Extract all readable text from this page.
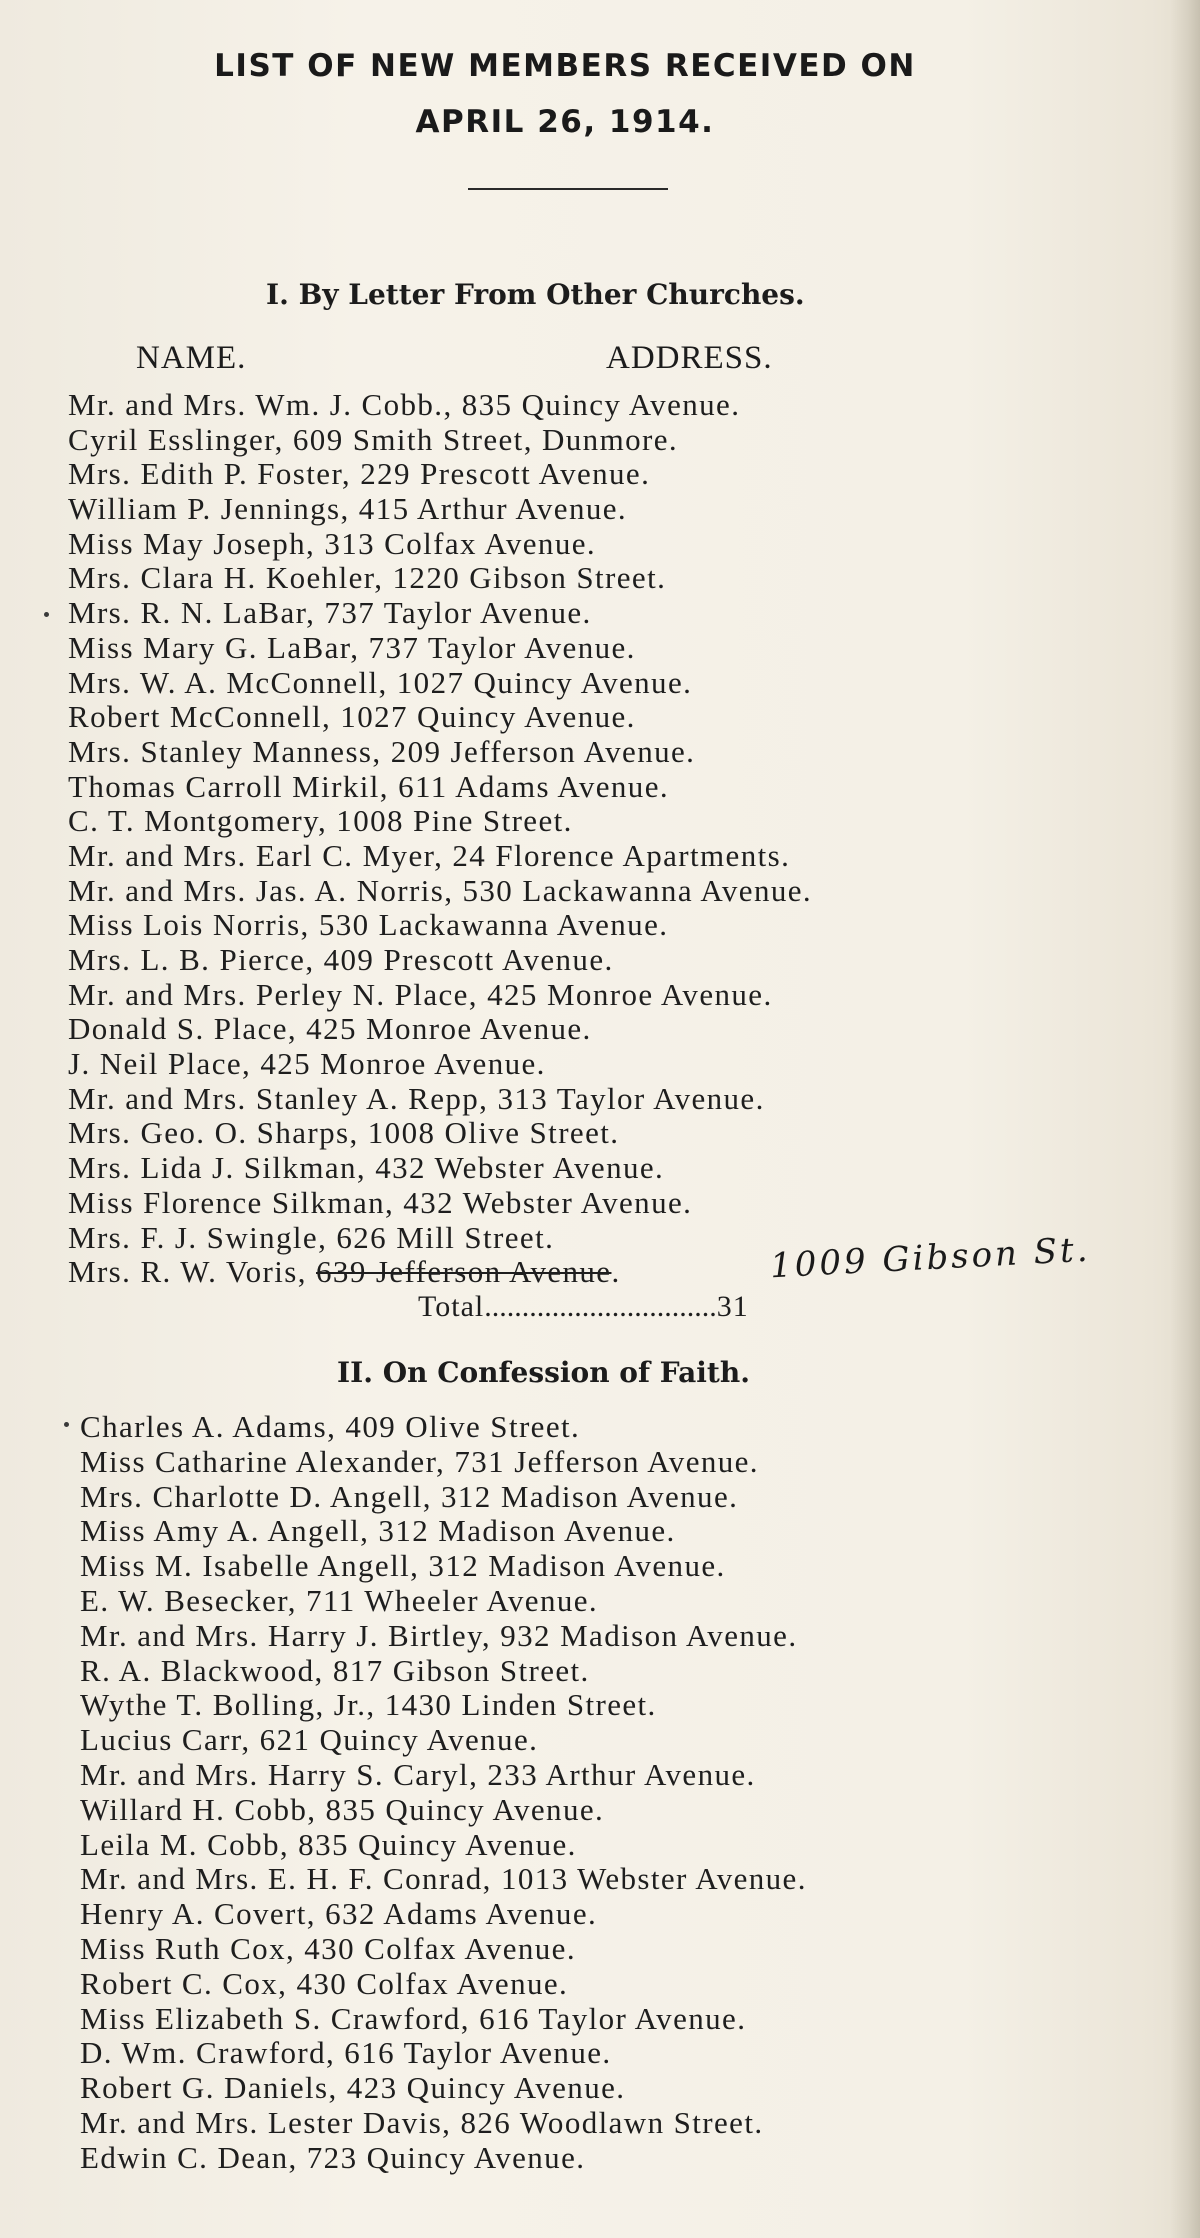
LIST OF NEW MEMBERS RECEIVED ON
APRIL 26, 1914.
I. By Letter From Other Churches.
NAME.	ADDRESS.
Mr. and Mrs. Wm. J. Cobb., 835 Quincy Avenue.
Cyril Esslinger, 609 Smith Street, Dunmore.
Mrs. Edith P. Foster, 229 Prescott Avenue.
William P. Jennings, 415 Arthur Avenue.
Miss May Joseph, 313 Colfax Avenue.
Mrs. Clara H. Koehler, 1220 Gibson Street.
Mrs. R. N. LaBar, 737 Taylor Avenue.
Miss Mary G. LaBar, 737 Taylor Avenue.
Mrs. W. A. McConnell, 1027 Quincy Avenue.
Robert McConnell, 1027 Quincy Avenue.
Mrs. Stanley Manness, 209 Jefferson Avenue.
Thomas Carroll Mirkil, 611 Adams Avenue.
C. T. Montgomery, 1008 Pine Street.
Mr. and Mrs. Earl C. Myer, 24 Florence Apartments.
Mr. and Mrs. Jas. A. Norris, 530 Lackawanna Avenue.
Miss Lois Norris, 530 Lackawanna Avenue.
Mrs. L. B. Pierce, 409 Prescott Avenue.
Mr. and Mrs. Perley N. Place, 425 Monroe Avenue.
Donald S. Place, 425 Monroe Avenue.
J. Neil Place, 425 Monroe Avenue.
Mr. and Mrs. Stanley A. Repp, 313 Taylor Avenue.
Mrs. Geo. O. Sharps, 1008 Olive Street.
Mrs. Lida J. Silkman, 432 Webster Avenue.
Miss Florence Silkman, 432 Webster Avenue.
Mrs. F. J. Swingle, 626 Mill Street.
Mrs. R. W. Voris, 639 Jefferson Avenue.	1009 Gibson St.
Total...............................31
II. On Confession of Faith.
Charles A. Adams, 409 Olive Street.
Miss Catharine Alexander, 731 Jefferson Avenue.
Mrs. Charlotte D. Angell, 312 Madison Avenue.
Miss Amy A. Angell, 312 Madison Avenue.
Miss M. Isabelle Angell, 312 Madison Avenue.
E. W. Besecker, 711 Wheeler Avenue.
Mr. and Mrs. Harry J. Birtley, 932 Madison Avenue.
R. A. Blackwood, 817 Gibson Street.
Wythe T. Bolling, Jr., 1430 Linden Street.
Lucius Carr, 621 Quincy Avenue.
Mr. and Mrs. Harry S. Caryl, 233 Arthur Avenue.
Willard H. Cobb, 835 Quincy Avenue.
Leila M. Cobb, 835 Quincy Avenue.
Mr. and Mrs. E. H. F. Conrad, 1013 Webster Avenue.
Henry A. Covert, 632 Adams Avenue.
Miss Ruth Cox, 430 Colfax Avenue.
Robert C. Cox, 430 Colfax Avenue.
Miss Elizabeth S. Crawford, 616 Taylor Avenue.
D. Wm. Crawford, 616 Taylor Avenue.
Robert G. Daniels, 423 Quincy Avenue.
Mr. and Mrs. Lester Davis, 826 Woodlawn Street.
Edwin C. Dean, 723 Quincy Avenue.
